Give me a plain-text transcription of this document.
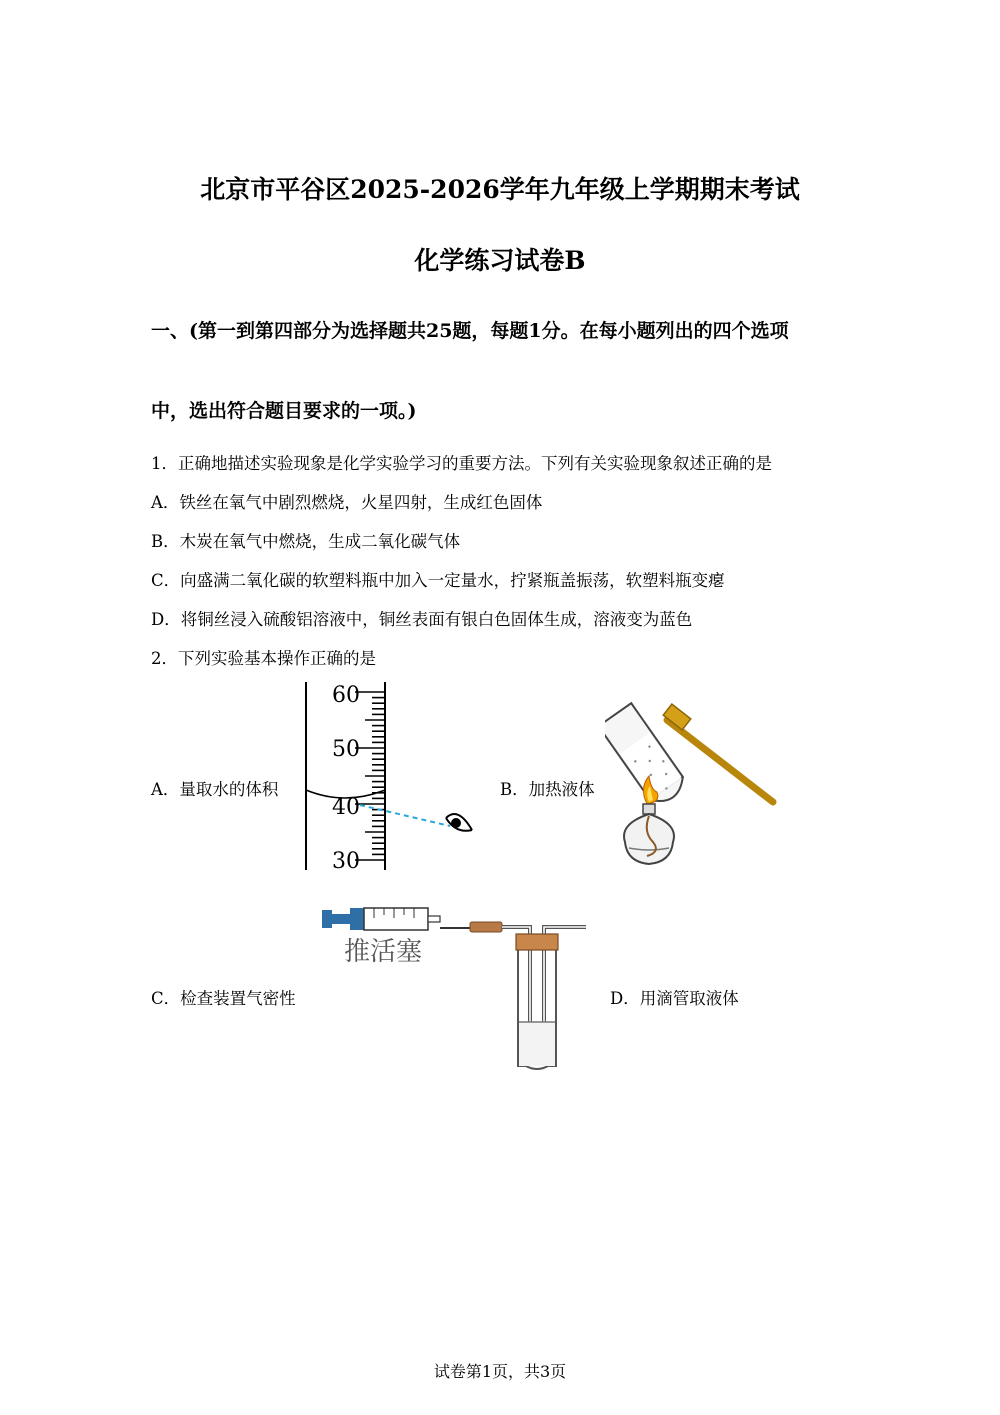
北京市平谷区2025-2026学年九年级上学期期末考试
化学练习试卷B
一、(第一到第四部分为选择题共25题，每题1分。在每小题列出的四个选项
中，选出符合题目要求的一项。)
1．正确地描述实验现象是化学实验学习的重要方法。下列有关实验现象叙述正确的是
A．铁丝在氧气中剧烈燃烧，火星四射，生成红色固体
B．木炭在氧气中燃烧，生成二氧化碳气体
C．向盛满二氧化碳的软塑料瓶中加入一定量水，拧紧瓶盖振荡，软塑料瓶变瘪
D．将铜丝浸入硫酸铝溶液中，铜丝表面有银白色固体生成，溶液变为蓝色
2．下列实验基本操作正确的是
A．量取水的体积	B．加热液体
C．检查装置气密性	D．用滴管取液体
60
50
40
30
推活塞
试卷第1页，共3页
